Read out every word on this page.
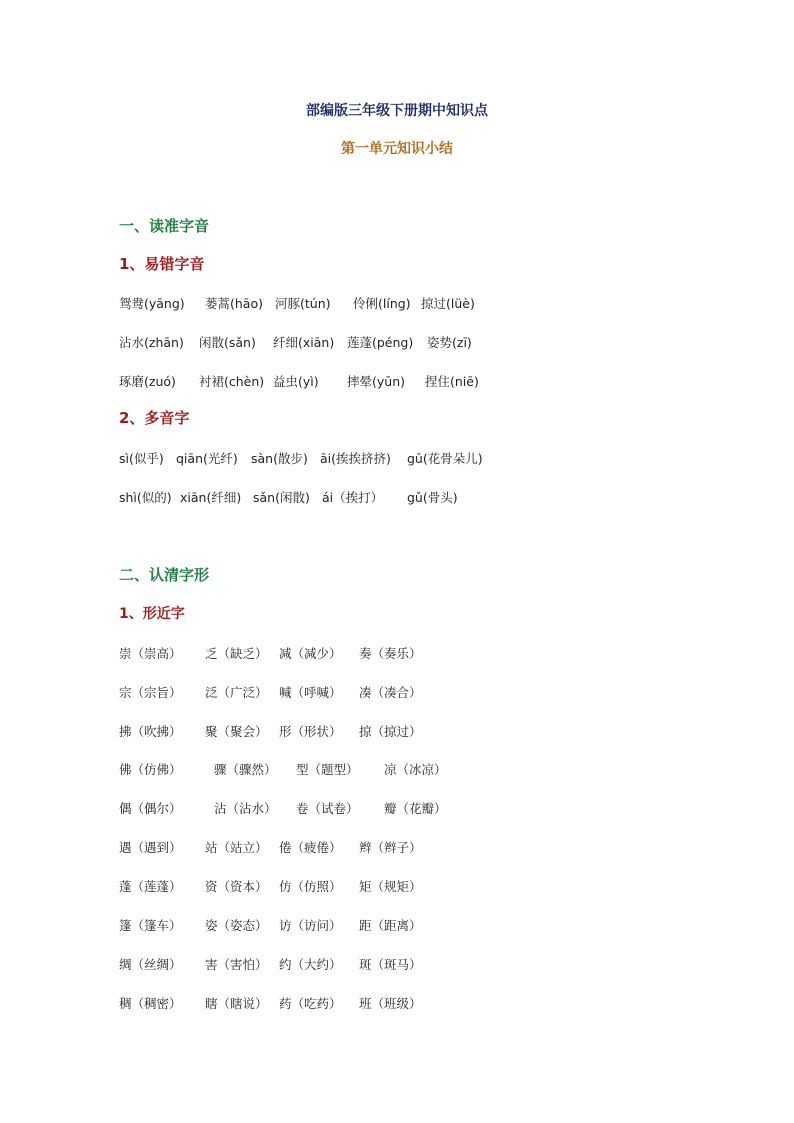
部编版三年级下册期中知识点
第一单元知识小结
一、读准字音
1、易错字音
鸳鸯(yāng) 蒌蒿(hāo) 河豚(tún) 伶俐(líng) 掠过(lüè)
沾水(zhān) 闲散(sǎn) 纤细(xiān) 莲蓬(péng) 姿势(zī)
琢磨(zuó) 衬裙(chèn) 益虫(yì) 摔晕(yūn) 捏住(niē)
2、多音字
sì(似乎) qiān(光纤) sàn(散步) āi(挨挨挤挤) gū(花骨朵儿)
shì(似的) xiān(纤细) sǎn(闲散) ái（挨打） gǔ(骨头)
二、认清字形
1、形近字
崇（崇高） 乏（缺乏） 减（减少） 奏（奏乐）
宗（宗旨） 泛（广泛） 喊（呼喊） 凑（凑合）
拂（吹拂） 聚（聚会） 形（形状） 掠（掠过）
佛（仿佛）	骤（骤然） 型（题型） 凉（冰凉）
偶（偶尔）	沾（沾水） 卷（试卷） 瓣（花瓣）
遇（遇到） 站（站立） 倦（疲倦） 辫（辫子）
蓬（莲蓬） 资（资本） 仿（仿照） 矩（规矩）
篷（篷车） 姿（姿态） 访（访问） 距（距离）
绸（丝绸） 害（害怕） 约（大约） 斑（斑马）
稠（稠密） 瞎（瞎说） 药（吃药） 班（班级）
